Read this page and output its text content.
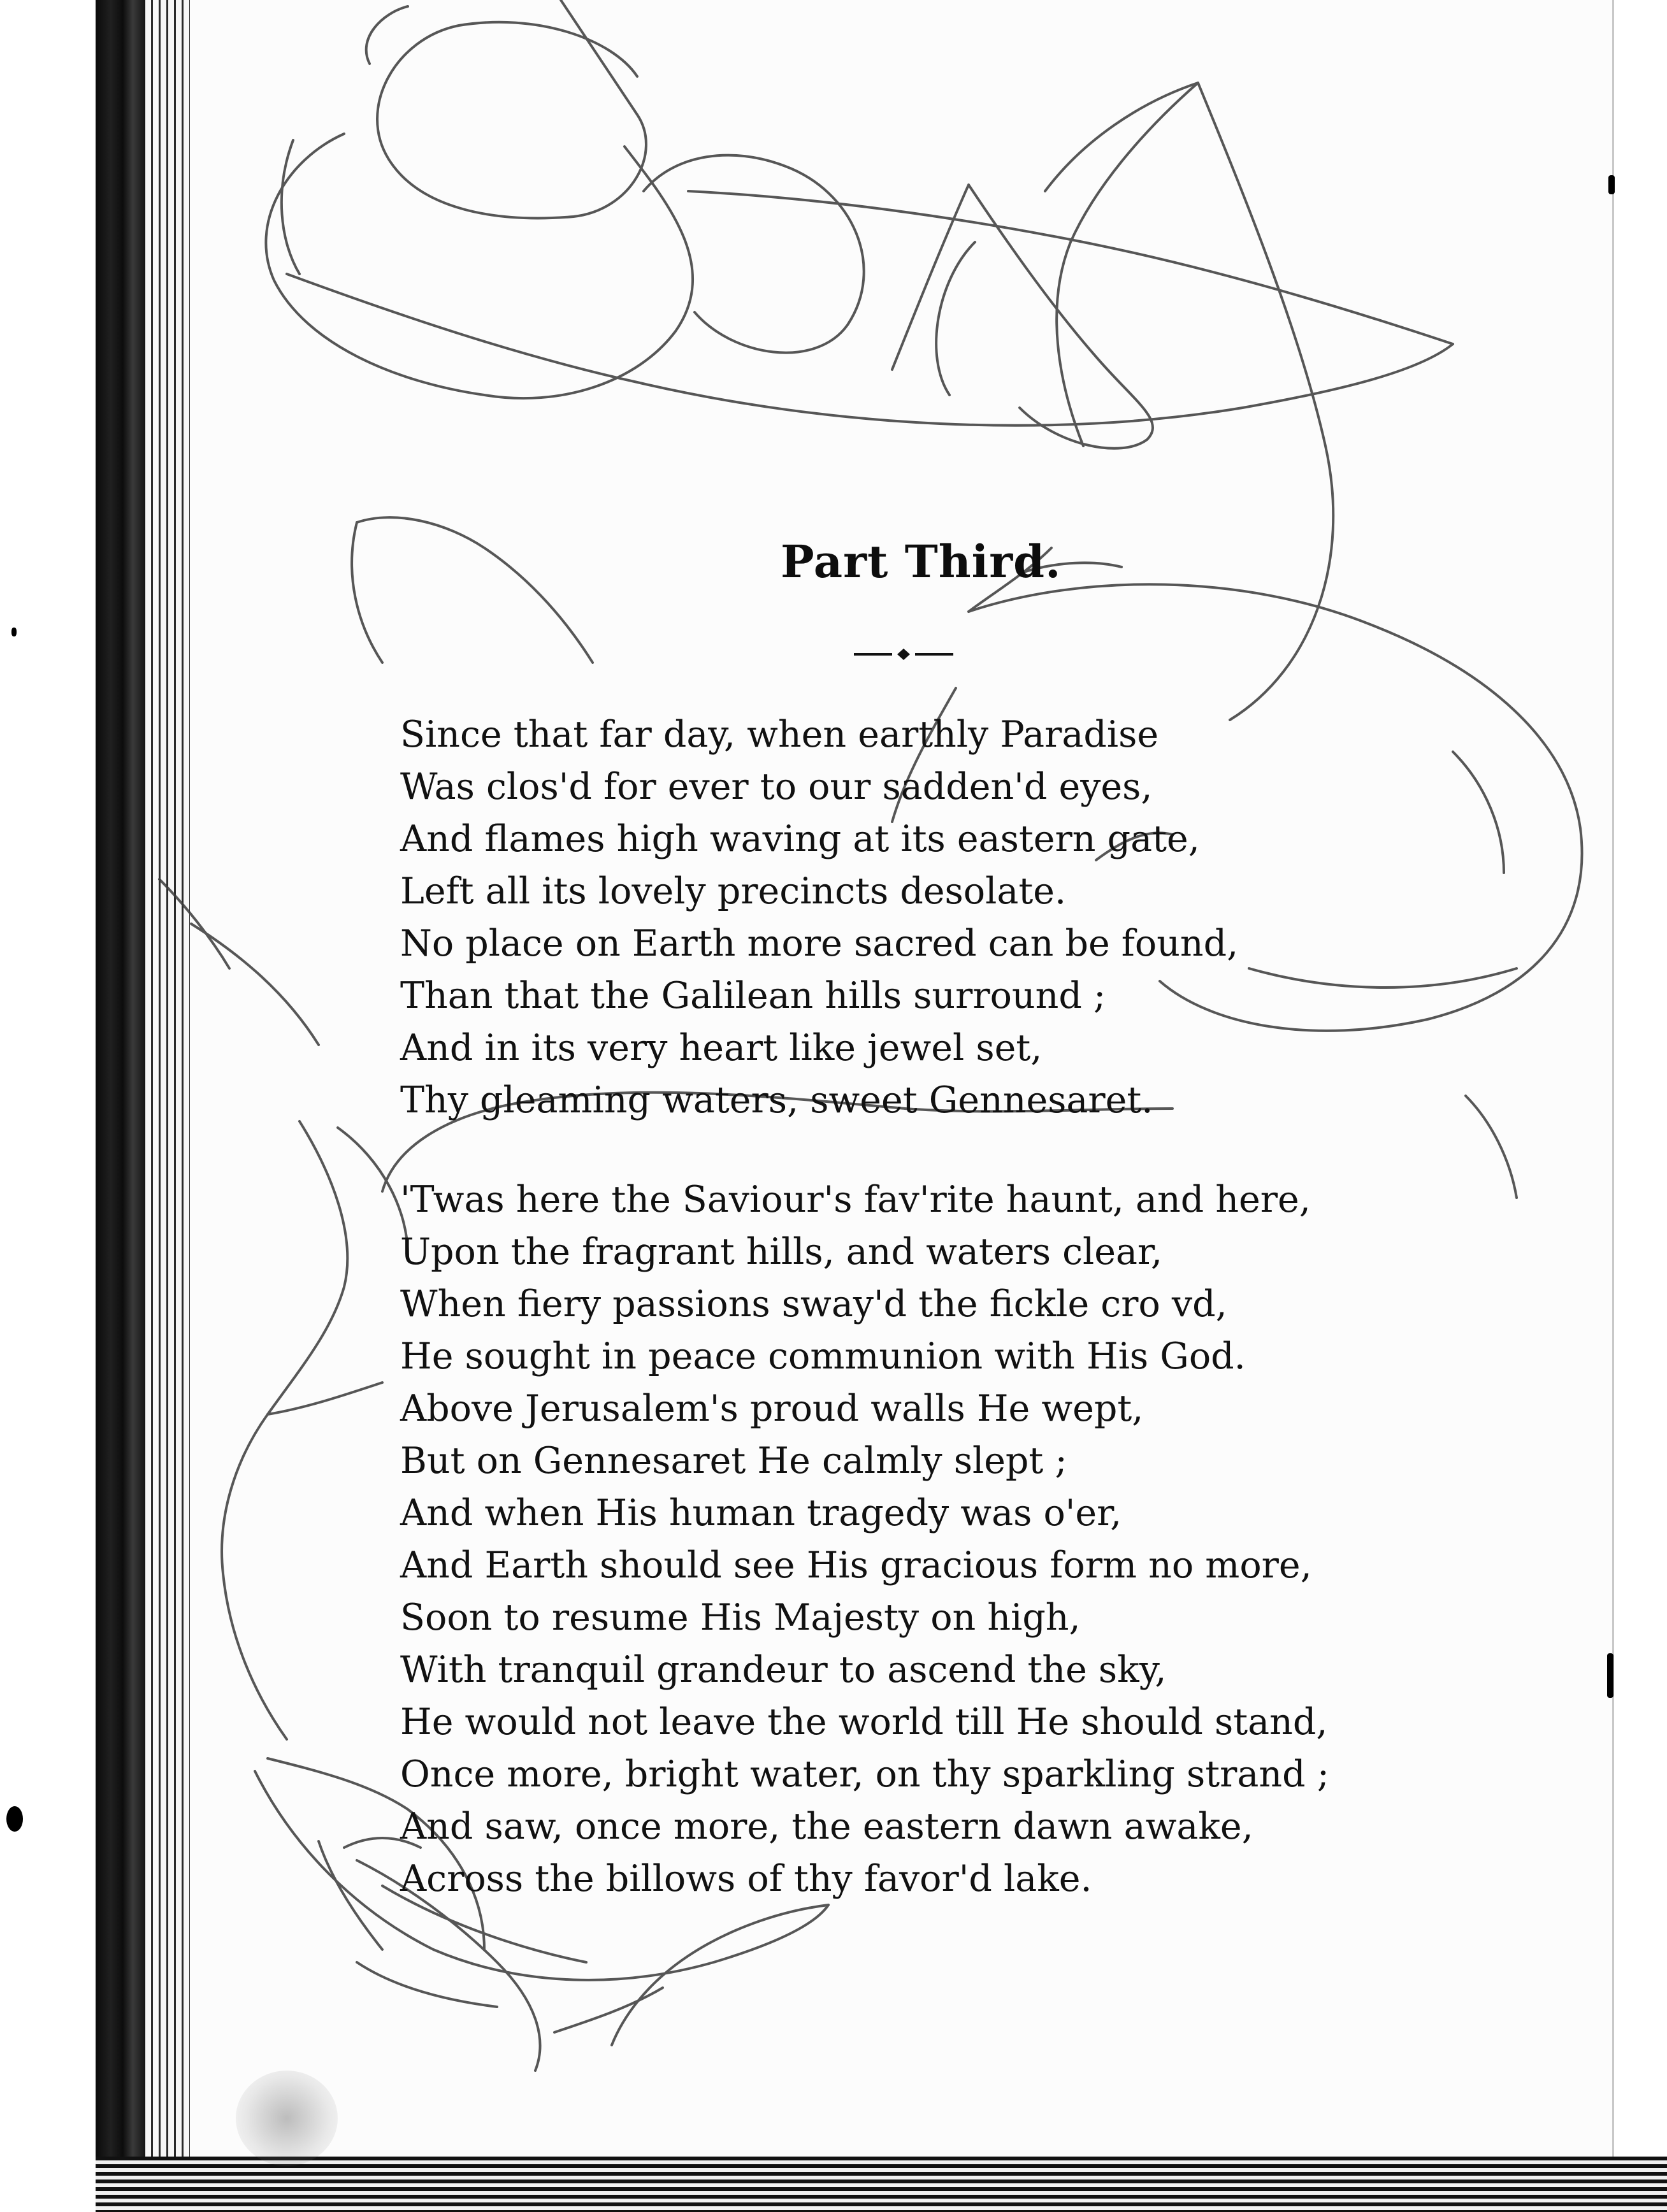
Part Third.
Since that far day, when earthly Paradise
Was clos'd for ever to our sadden'd eyes,
And flames high waving at its eastern gate,
Left all its lovely precincts desolate.
No place on Earth more sacred can be found,
Than that the Galilean hills surround ;
And in its very heart like jewel set,
Thy gleaming waters, sweet Gennesaret.
'Twas here the Saviour's fav'rite haunt, and here,
Upon the fragrant hills, and waters clear,
When fiery passions sway'd the fickle cro vd,
He sought in peace communion with His God.
Above Jerusalem's proud walls He wept,
But on Gennesaret He calmly slept ;
And when His human tragedy was o'er,
And Earth should see His gracious form no more,
Soon to resume His Majesty on high,
With tranquil grandeur to ascend the sky,
He would not leave the world till He should stand,
Once more, bright water, on thy sparkling strand ;
And saw, once more, the eastern dawn awake,
Across the billows of thy favor'd lake.
